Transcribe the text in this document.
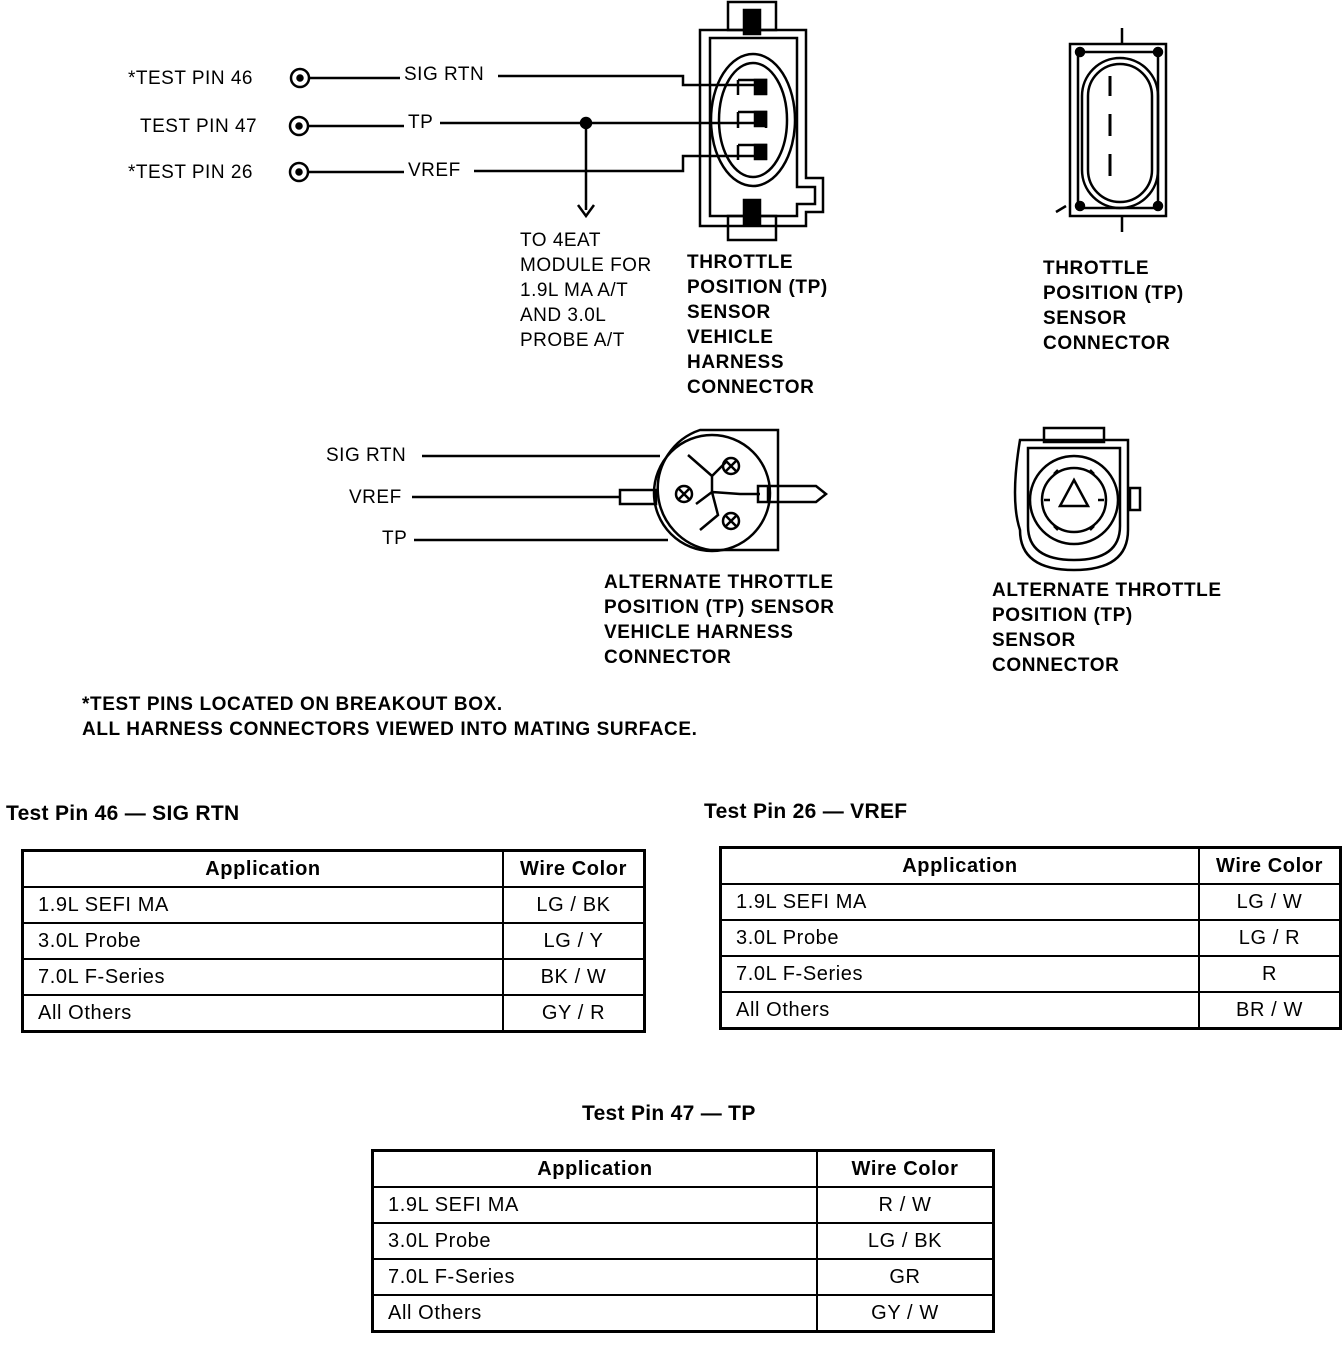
*TEST PIN 46
TEST PIN 47
*TEST PIN 26
SIG RTN
TP
VREF
TO 4EAT
MODULE FOR
1.9L MA A/T
AND 3.0L
PROBE A/T
THROTTLE
POSITION (TP)
SENSOR
VEHICLE
HARNESS
CONNECTOR
THROTTLE
POSITION (TP)
SENSOR
CONNECTOR
SIG RTN
VREF
TP
ALTERNATE THROTTLE
POSITION (TP) SENSOR
VEHICLE HARNESS
CONNECTOR
ALTERNATE THROTTLE
POSITION (TP)
SENSOR
CONNECTOR
*TEST PINS LOCATED ON BREAKOUT BOX.
ALL HARNESS CONNECTORS VIEWED INTO MATING SURFACE.
Test Pin 46 — SIG RTN
Application	Wire Color
1.9L SEFI MA	LG / BK
3.0L Probe	LG / Y
7.0L F-Series	BK / W
All Others	GY / R
Test Pin 26 — VREF
Application	Wire Color
1.9L SEFI MA	LG / W
3.0L Probe	LG / R
7.0L F-Series	R
All Others	BR / W
Test Pin 47 — TP
Application	Wire Color
1.9L SEFI MA	R / W
3.0L Probe	LG / BK
7.0L F-Series	GR
All Others	GY / W
